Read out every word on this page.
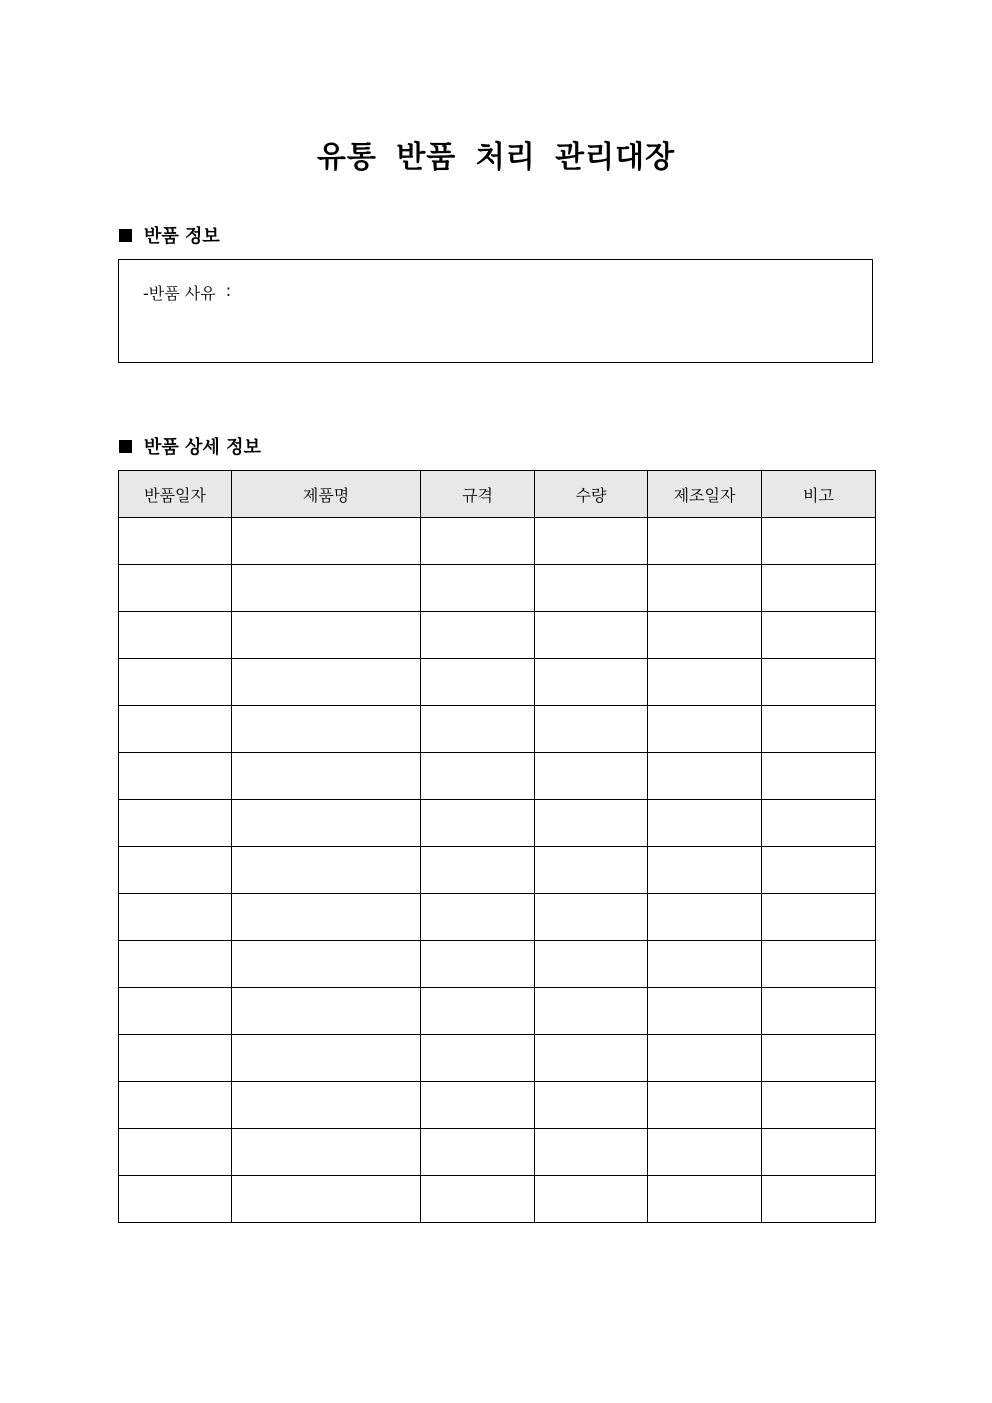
유통 반품 처리 관리대장
반품 정보
-반품 사유 :
반품 상세 정보
반품일자	제품명	규격	수량	제조일자	비고
